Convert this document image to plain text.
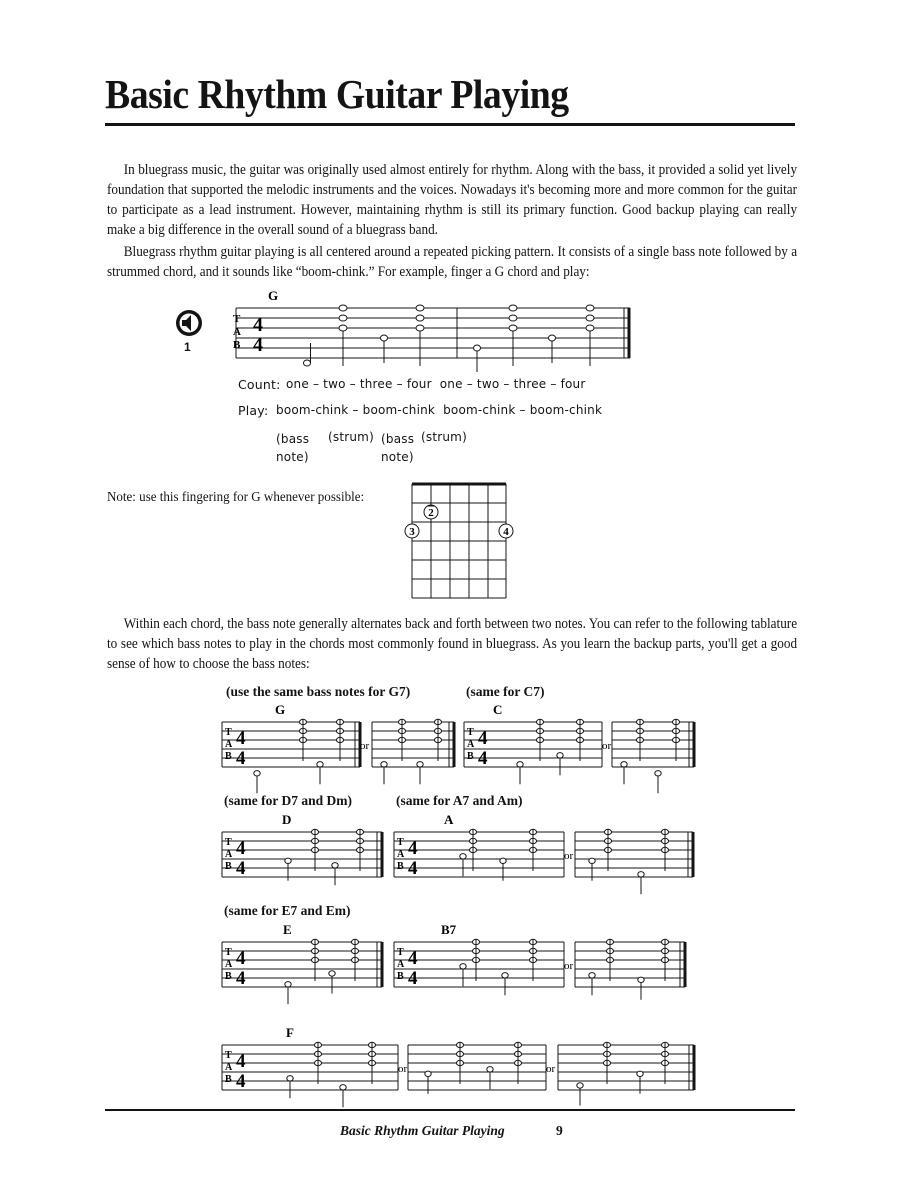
Basic Rhythm Guitar Playing

In bluegrass music, the guitar was originally used almost entirely for rhythm. Along with the bass, it provided a solid yet lively foundation that supported the melodic instruments and the voices. Nowadays it's becoming more and more common for the guitar to participate as a lead instrument. However, maintaining rhythm is still its primary function. Good backup playing can really make a big difference in the overall sound of a bluegrass band.

Bluegrass rhythm guitar playing is all centered around a repeated picking pattern. It consists of a single bass note followed by a strummed chord, and it sounds like “boom-chink.” For example, finger a G chord and play:

1
G
T
A
B
4
4
Count: one – two – three – four  one – two – three – four
Play: boom-chink – boom-chink  boom-chink – boom-chink
(bass
note)
(strum) (bass
note)
(strum)
Note: use this fingering for G whenever possible:
2
3	4

Within each chord, the bass note generally alternates back and forth between two notes. You can refer to the following tablature to see which bass notes to play in the chords most commonly found in bluegrass. As you learn the backup parts, you'll get a good sense of how to choose the bass notes:

(use the same bass notes for G7)	(same for C7)
(same for D7 and Dm)	(same for A7 and Am)
(same for E7 and Em)
T
A
B
4
4
G
or
T
A
B
4
4
C
or
T
A
B
4
4
D
T
A
B
4
4
A
or
T
A
B
4
4
E
T
A
B
4
4
B7
or
F
T
A
B
4
4
or	or
Basic Rhythm Guitar Playing	9
